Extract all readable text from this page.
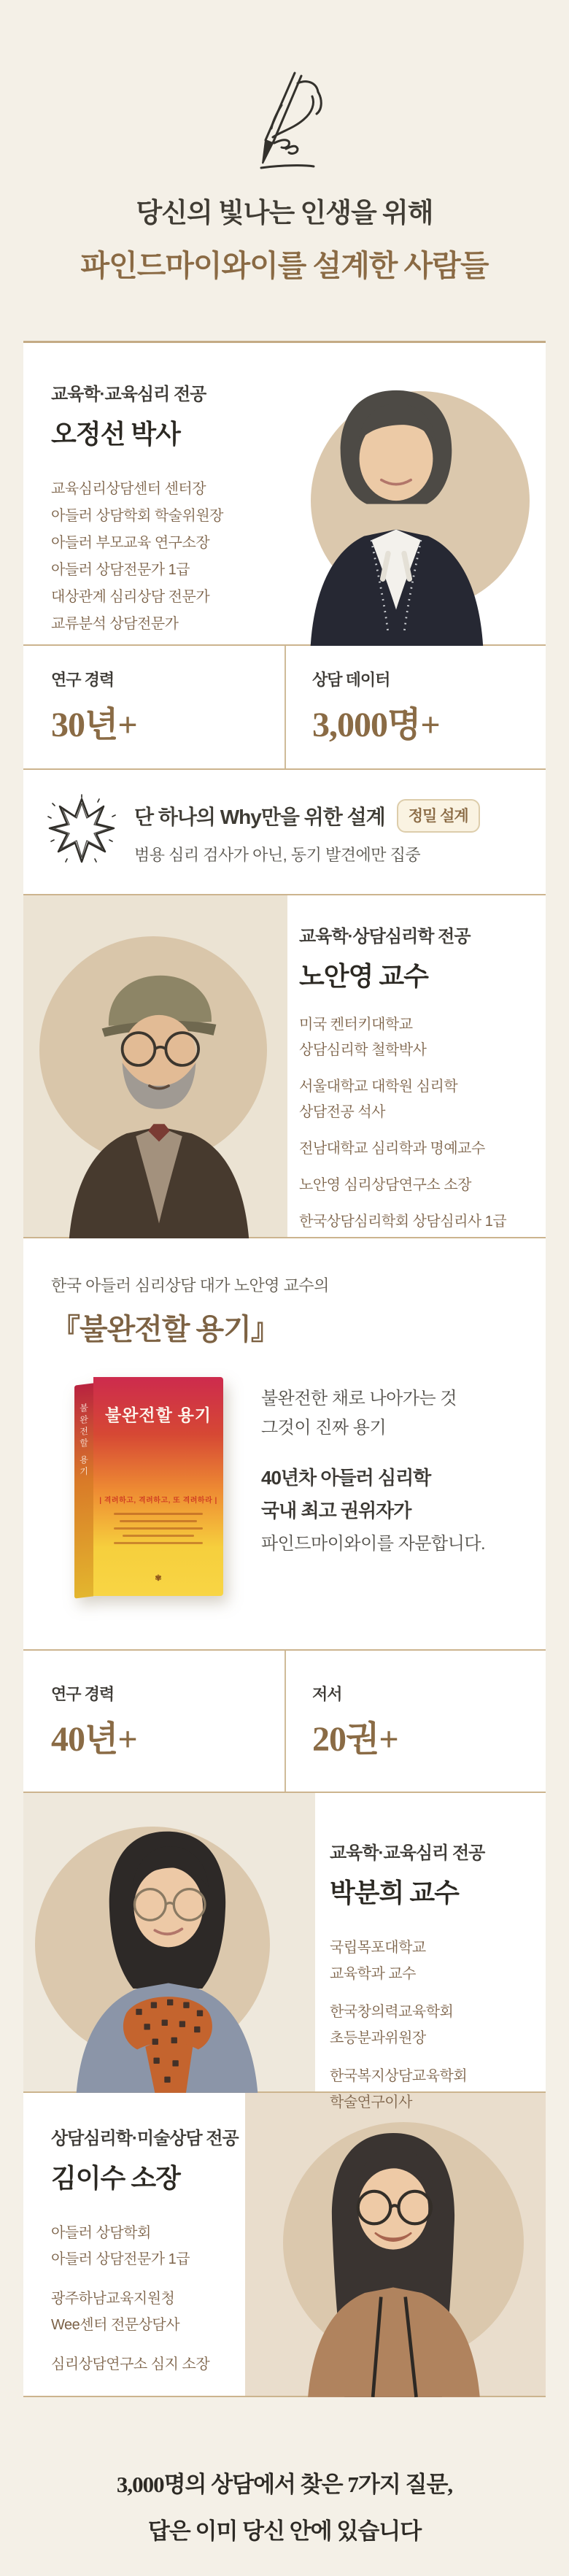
당신의 빛나는 인생을 위해
파인드마이와이를 설계한 사람들
교육학·교육심리 전공
오정선 박사
교육심리상담센터 센터장
아들러 상담학회 학술위원장
아들러 부모교육 연구소장
아들러 상담전문가 1급
대상관계 심리상담 전문가
교류분석 상담전문가
연구 경력
30년+
상담 데이터
3,000명+
단 하나의 Why만을 위한 설계	정밀 설계
범용 심리 검사가 아닌, 동기 발견에만 집중
교육학·상담심리학 전공
노안영 교수
미국 켄터키대학교
상담심리학 철학박사
서울대학교 대학원 심리학
상담전공 석사
전남대학교 심리학과 명예교수
노안영 심리상담연구소 소장
한국상담심리학회 상담심리사 1급
한국 아들러 심리상담 대가 노안영 교수의
『불완전할 용기』
불완전할 용기 불완전할 용기
| 격려하고, 격려하고, 또 격려하라 |
✾
불완전한 채로 나아가는 것
그것이 진짜 용기
40년차 아들러 심리학
국내 최고 권위자가
파인드마이와이를 자문합니다.
연구 경력
40년+
저서
20권+
교육학·교육심리 전공
박분희 교수
국립목포대학교
교육학과 교수
한국창의력교육학회
초등분과위원장
한국복지상담교육학회
학술연구이사
상담심리학·미술상담 전공
김이수 소장
아들러 상담학회
아들러 상담전문가 1급
광주하남교육지원청
Wee센터 전문상담사
심리상담연구소 심지 소장
3,000명의 상담에서 찾은 7가지 질문,
답은 이미 당신 안에 있습니다
